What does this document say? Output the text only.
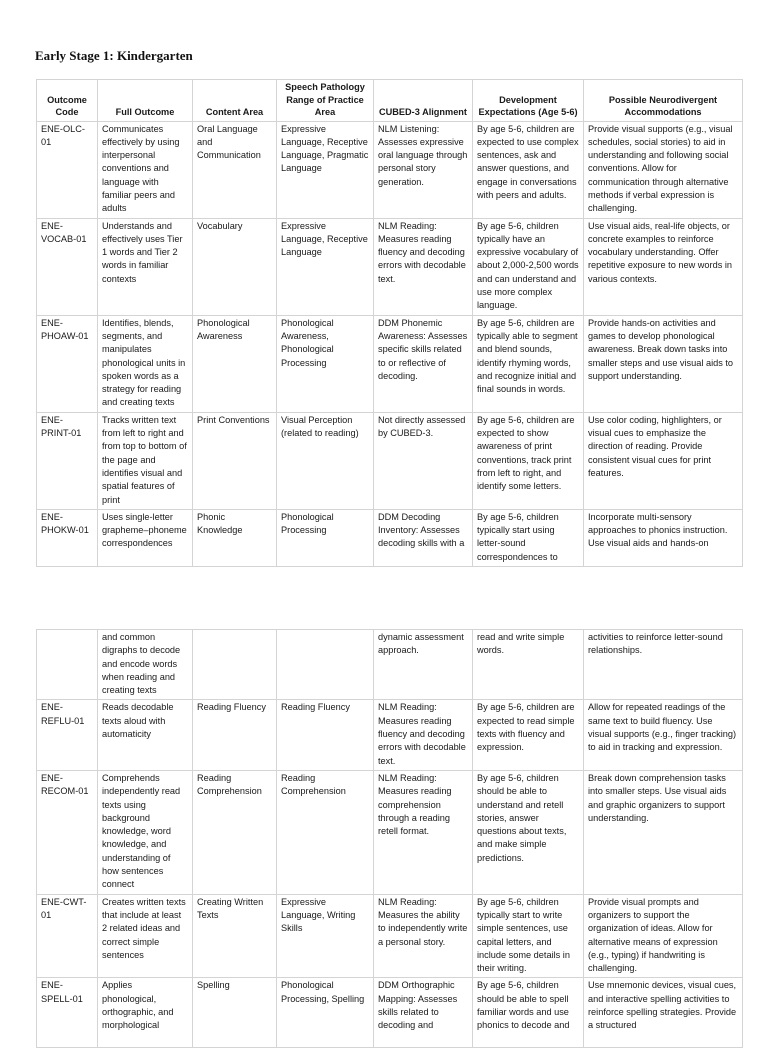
Early Stage 1: Kindergarten
Outcome Code	Full Outcome	Content Area	Speech Pathology Range of Practice Area	CUBED-3 Alignment	Development Expectations (Age 5-6)	Possible Neurodivergent Accommodations
ENE-OLC-01	Communicates effectively by using interpersonal conventions and language with familiar peers and adults	Oral Language and Communication	Expressive Language, Receptive Language, Pragmatic Language	NLM Listening: Assesses expressive oral language through personal story generation.	By age 5-6, children are expected to use complex sentences, ask and answer questions, and engage in conversations with peers and adults.	Provide visual supports (e.g., visual schedules, social stories) to aid in understanding and following social conventions. Allow for communication through alternative methods if verbal expression is challenging.
ENE-VOCAB-01	Understands and effectively uses Tier 1 words and Tier 2 words in familiar contexts	Vocabulary	Expressive Language, Receptive Language	NLM Reading: Measures reading fluency and decoding errors with decodable text.	By age 5-6, children typically have an expressive vocabulary of about 2,000-2,500 words and can understand and use more complex language.	Use visual aids, real-life objects, or concrete examples to reinforce vocabulary understanding. Offer repetitive exposure to new words in various contexts.
ENE-PHOAW-01	Identifies, blends, segments, and manipulates phonological units in spoken words as a strategy for reading and creating texts	Phonological Awareness	Phonological Awareness, Phonological Processing	DDM Phonemic Awareness: Assesses specific skills related to or reflective of decoding.	By age 5-6, children are typically able to segment and blend sounds, identify rhyming words, and recognize initial and final sounds in words.	Provide hands-on activities and games to develop phonological awareness. Break down tasks into smaller steps and use visual aids to support understanding.
ENE-PRINT-01	Tracks written text from left to right and from top to bottom of the page and identifies visual and spatial features of print	Print Conventions	Visual Perception (related to reading)	Not directly assessed by CUBED-3.	By age 5-6, children are expected to show awareness of print conventions, track print from left to right, and identify some letters.	Use color coding, highlighters, or visual cues to emphasize the direction of reading. Provide consistent visual cues for print features.
ENE-PHOKW-01	Uses single-letter grapheme–phoneme correspondences	Phonic Knowledge	Phonological Processing	DDM Decoding Inventory: Assesses decoding skills with a	By age 5-6, children typically start using letter-sound correspondences to	Incorporate multi-sensory approaches to phonics instruction. Use visual aids and hands-on
	and common digraphs to decode and encode words when reading and creating texts			dynamic assessment approach.	read and write simple words.	activities to reinforce letter-sound relationships.
ENE-REFLU-01	Reads decodable texts aloud with automaticity	Reading Fluency	Reading Fluency	NLM Reading: Measures reading fluency and decoding errors with decodable text.	By age 5-6, children are expected to read simple texts with fluency and expression.	Allow for repeated readings of the same text to build fluency. Use visual supports (e.g., finger tracking) to aid in tracking and expression.
ENE-RECOM-01	Comprehends independently read texts using background knowledge, word knowledge, and understanding of how sentences connect	Reading Comprehension	Reading Comprehension	NLM Reading: Measures reading comprehension through a reading retell format.	By age 5-6, children should be able to understand and retell stories, answer questions about texts, and make simple predictions.	Break down comprehension tasks into smaller steps. Use visual aids and graphic organizers to support understanding.
ENE-CWT-01	Creates written texts that include at least 2 related ideas and correct simple sentences	Creating Written Texts	Expressive Language, Writing Skills	NLM Reading: Measures the ability to independently write a personal story.	By age 5-6, children typically start to write simple sentences, use capital letters, and include some details in their writing.	Provide visual prompts and organizers to support the organization of ideas. Allow for alternative means of expression (e.g., typing) if handwriting is challenging.
ENE-SPELL-01	Applies phonological, orthographic, and morphological	Spelling	Phonological Processing, Spelling	DDM Orthographic Mapping: Assesses skills related to decoding and	By age 5-6, children should be able to spell familiar words and use phonics to decode and	Use mnemonic devices, visual cues, and interactive spelling activities to reinforce spelling strategies. Provide a structured
